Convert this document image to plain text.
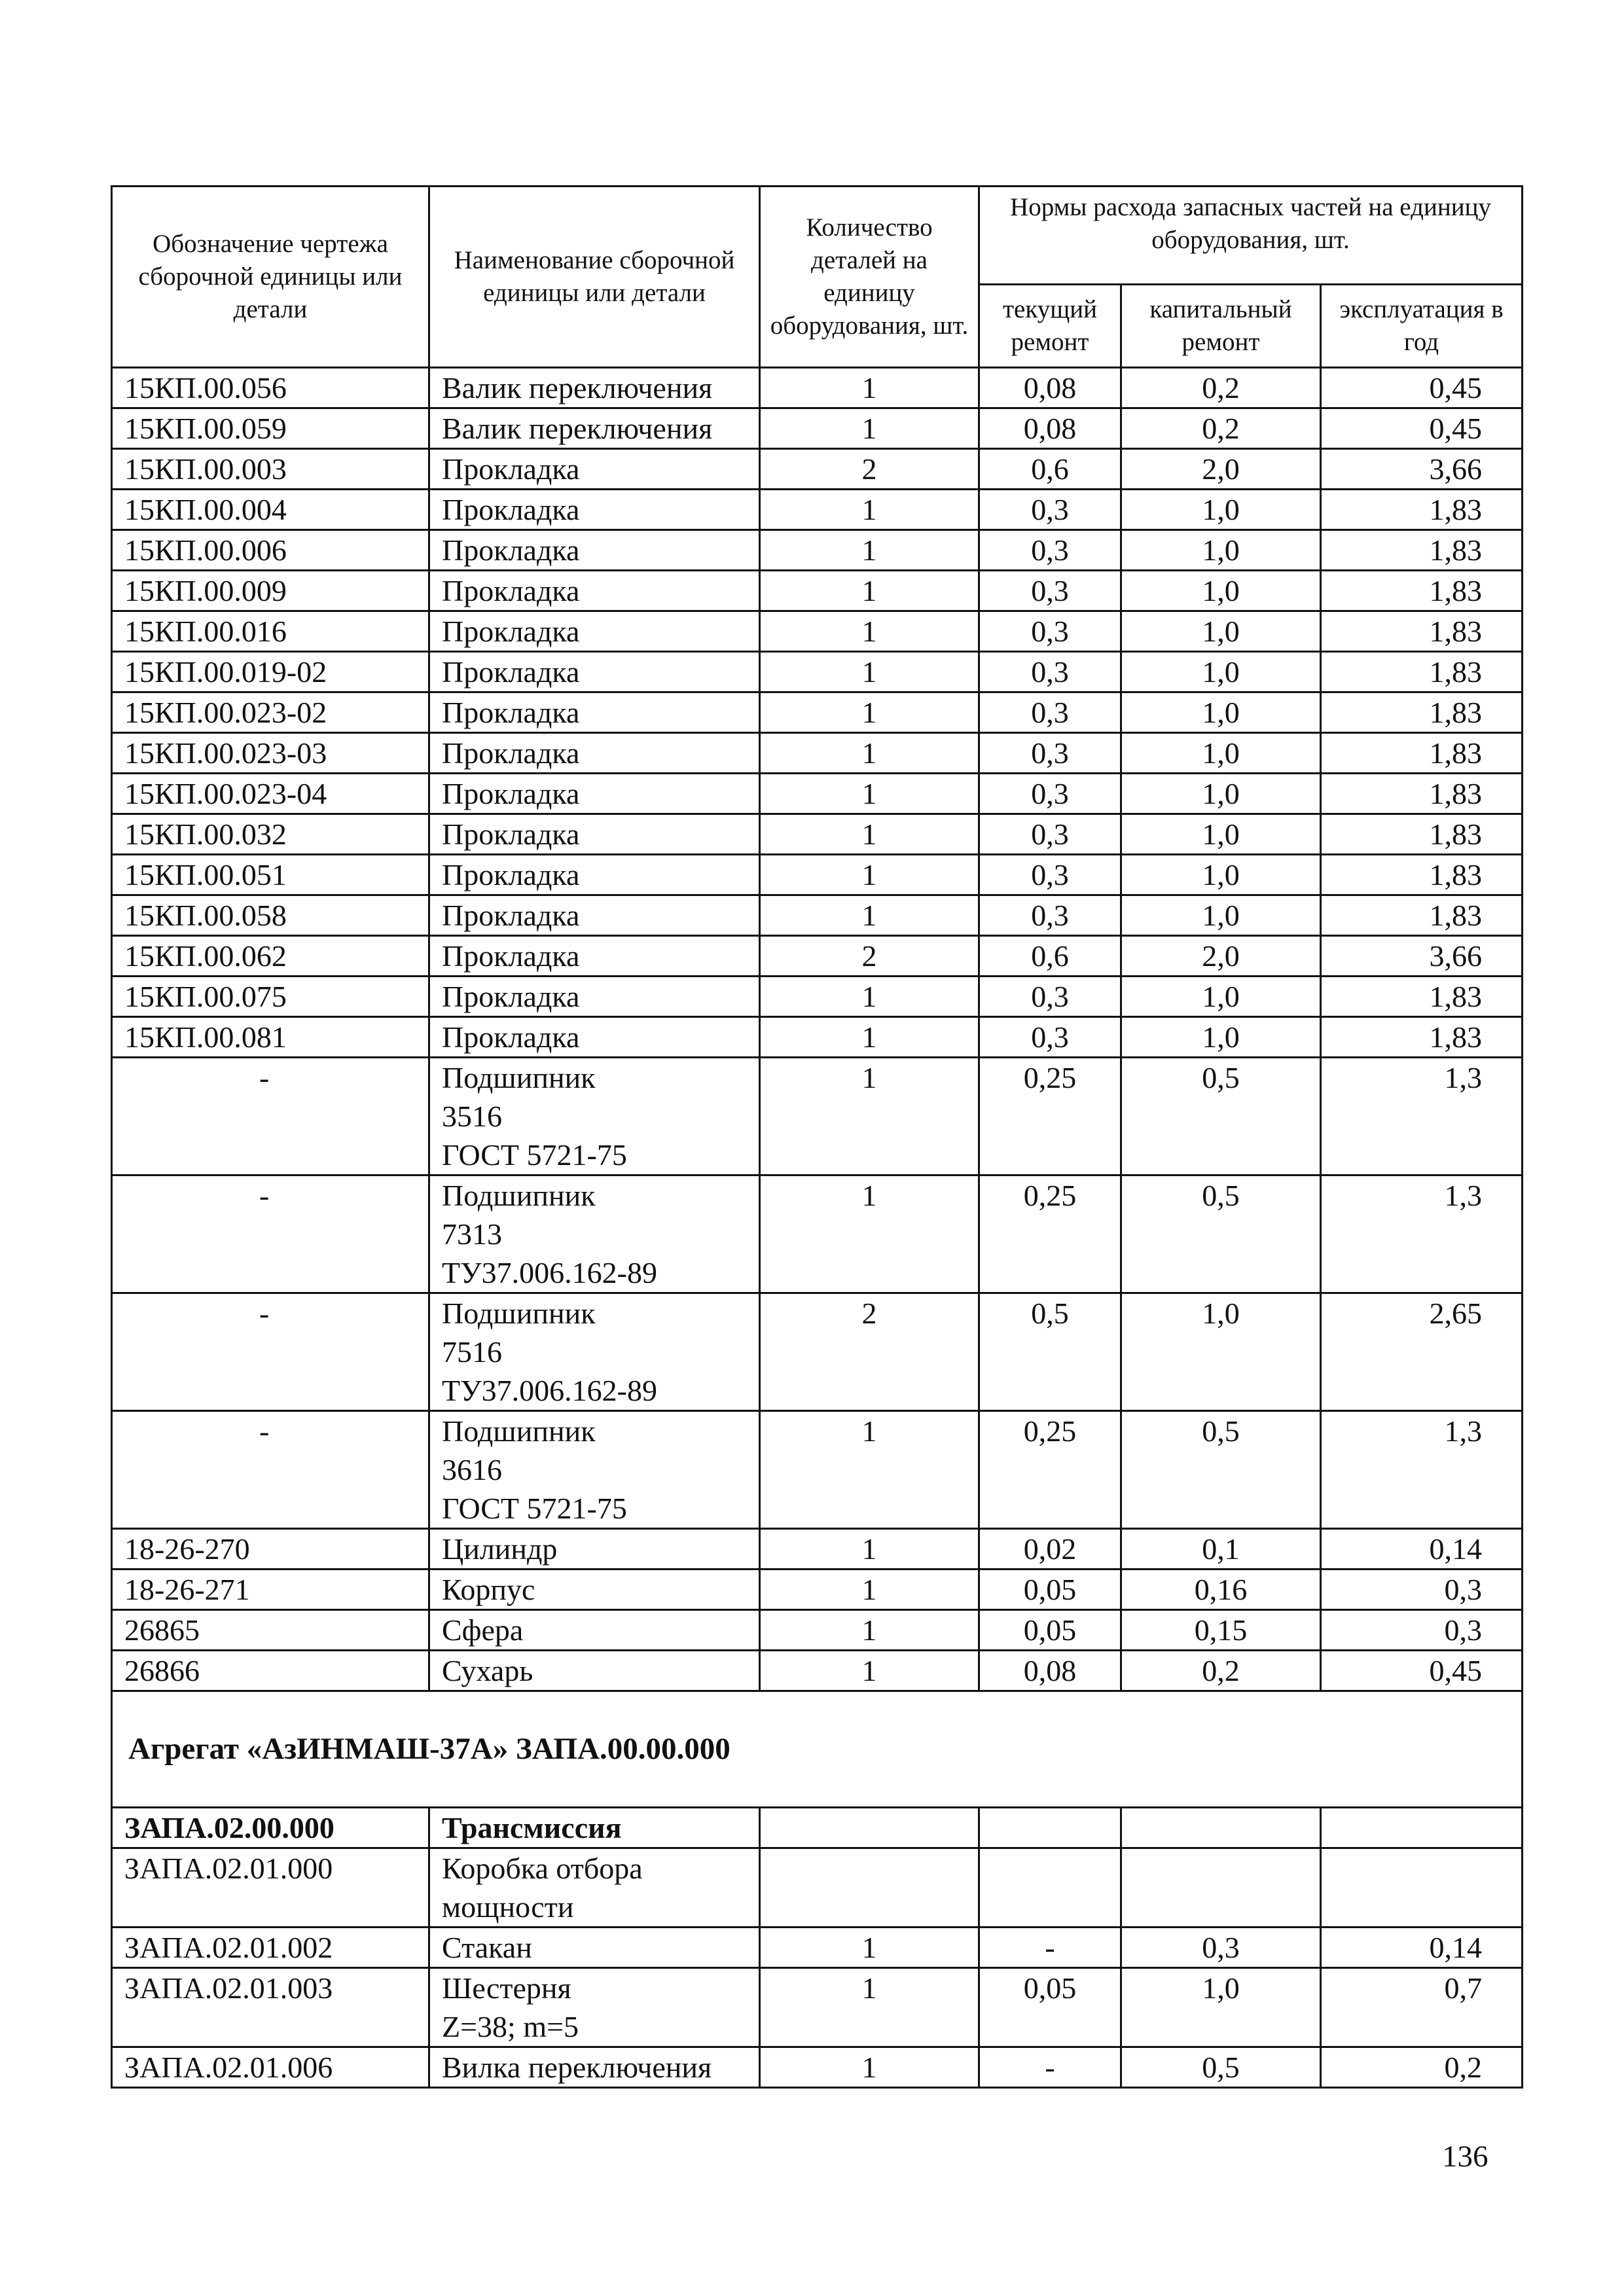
Обозначение чертежа сборочной единицы или детали	Наименование сборочной единицы или детали	Количество деталей на единицу оборудования, шт.	Нормы расхода запасных частей на единицу оборудования, шт.		
			текущий ремонт	капитальный ремонт	эксплуатация в год
15КП.00.056	Валик переключения	1	0,08	0,2	0,45
15КП.00.059	Валик переключения	1	0,08	0,2	0,45
15КП.00.003	Прокладка	2	0,6	2,0	3,66
15КП.00.004	Прокладка	1	0,3	1,0	1,83
15КП.00.006	Прокладка	1	0,3	1,0	1,83
15КП.00.009	Прокладка	1	0,3	1,0	1,83
15КП.00.016	Прокладка	1	0,3	1,0	1,83
15КП.00.019-02	Прокладка	1	0,3	1,0	1,83
15КП.00.023-02	Прокладка	1	0,3	1,0	1,83
15КП.00.023-03	Прокладка	1	0,3	1,0	1,83
15КП.00.023-04	Прокладка	1	0,3	1,0	1,83
15КП.00.032	Прокладка	1	0,3	1,0	1,83
15КП.00.051	Прокладка	1	0,3	1,0	1,83
15КП.00.058	Прокладка	1	0,3	1,0	1,83
15КП.00.062	Прокладка	2	0,6	2,0	3,66
15КП.00.075	Прокладка	1	0,3	1,0	1,83
15КП.00.081	Прокладка	1	0,3	1,0	1,83
-	Подшипник
3516
ГОСТ 5721-75	1	0,25	0,5	1,3
-	Подшипник
7313
ТУ37.006.162-89	1	0,25	0,5	1,3
-	Подшипник
7516
ТУ37.006.162-89	2	0,5	1,0	2,65
-	Подшипник
3616
ГОСТ 5721-75	1	0,25	0,5	1,3
18-26-270	Цилиндр	1	0,02	0,1	0,14
18-26-271	Корпус	1	0,05	0,16	0,3
26865	Сфера	1	0,05	0,15	0,3
26866	Сухарь	1	0,08	0,2	0,45
Агрегат «АзИНМАШ-37А» ЗАПА.00.00.000					
ЗАПА.02.00.000	Трансмиссия				
ЗАПА.02.01.000	Коробка отбора мощности				
ЗАПА.02.01.002	Стакан	1	-	0,3	0,14
ЗАПА.02.01.003	Шестерня
Z=38; m=5	1	0,05	1,0	0,7
ЗАПА.02.01.006	Вилка переключения	1	-	0,5	0,2
136
